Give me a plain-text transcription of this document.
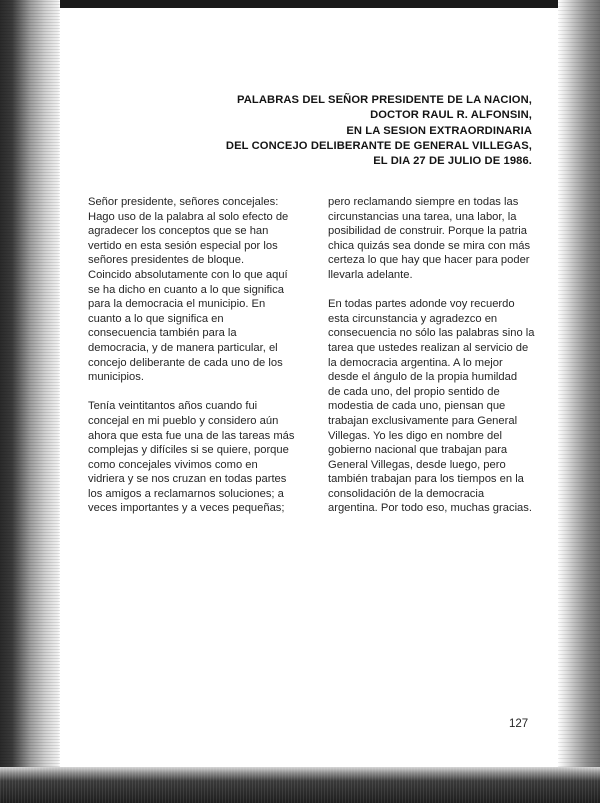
PALABRAS DEL SEÑOR PRESIDENTE DE LA NACION,
DOCTOR RAUL R. ALFONSIN,
EN LA SESION EXTRAORDINARIA
DEL CONCEJO DELIBERANTE DE GENERAL VILLEGAS,
EL DIA 27 DE JULIO DE 1986.

Señor presidente, señores concejales:
Hago uso de la palabra al solo efecto de
agradecer los conceptos que se han
vertido en esta sesión especial por los
señores presidentes de bloque.
Coincido absolutamente con lo que aquí
se ha dicho en cuanto a lo que significa
para la democracia el municipio. En
cuanto a lo que significa en
consecuencia también para la
democracia, y de manera particular, el
concejo deliberante de cada uno de los
municipios.

Tenía veintitantos años cuando fui
concejal en mi pueblo y considero aún
ahora que esta fue una de las tareas más
complejas y difíciles si se quiere, porque
como concejales vivimos como en
vidriera y se nos cruzan en todas partes
los amigos a reclamarnos soluciones; a
veces importantes y a veces pequeñas;

pero reclamando siempre en todas las
circunstancias una tarea, una labor, la
posibilidad de construir. Porque la patria
chica quizás sea donde se mira con más
certeza lo que hay que hacer para poder
llevarla adelante.

En todas partes adonde voy recuerdo
esta circunstancia y agradezco en
consecuencia no sólo las palabras sino la
tarea que ustedes realizan al servicio de
la democracia argentina. A lo mejor
desde el ángulo de la propia humildad
de cada uno, del propio sentido de
modestia de cada uno, piensan que
trabajan exclusivamente para General
Villegas. Yo les digo en nombre del
gobierno nacional que trabajan para
General Villegas, desde luego, pero
también trabajan para los tiempos en la
consolidación de la democracia
argentina. Por todo eso, muchas gracias.

127
